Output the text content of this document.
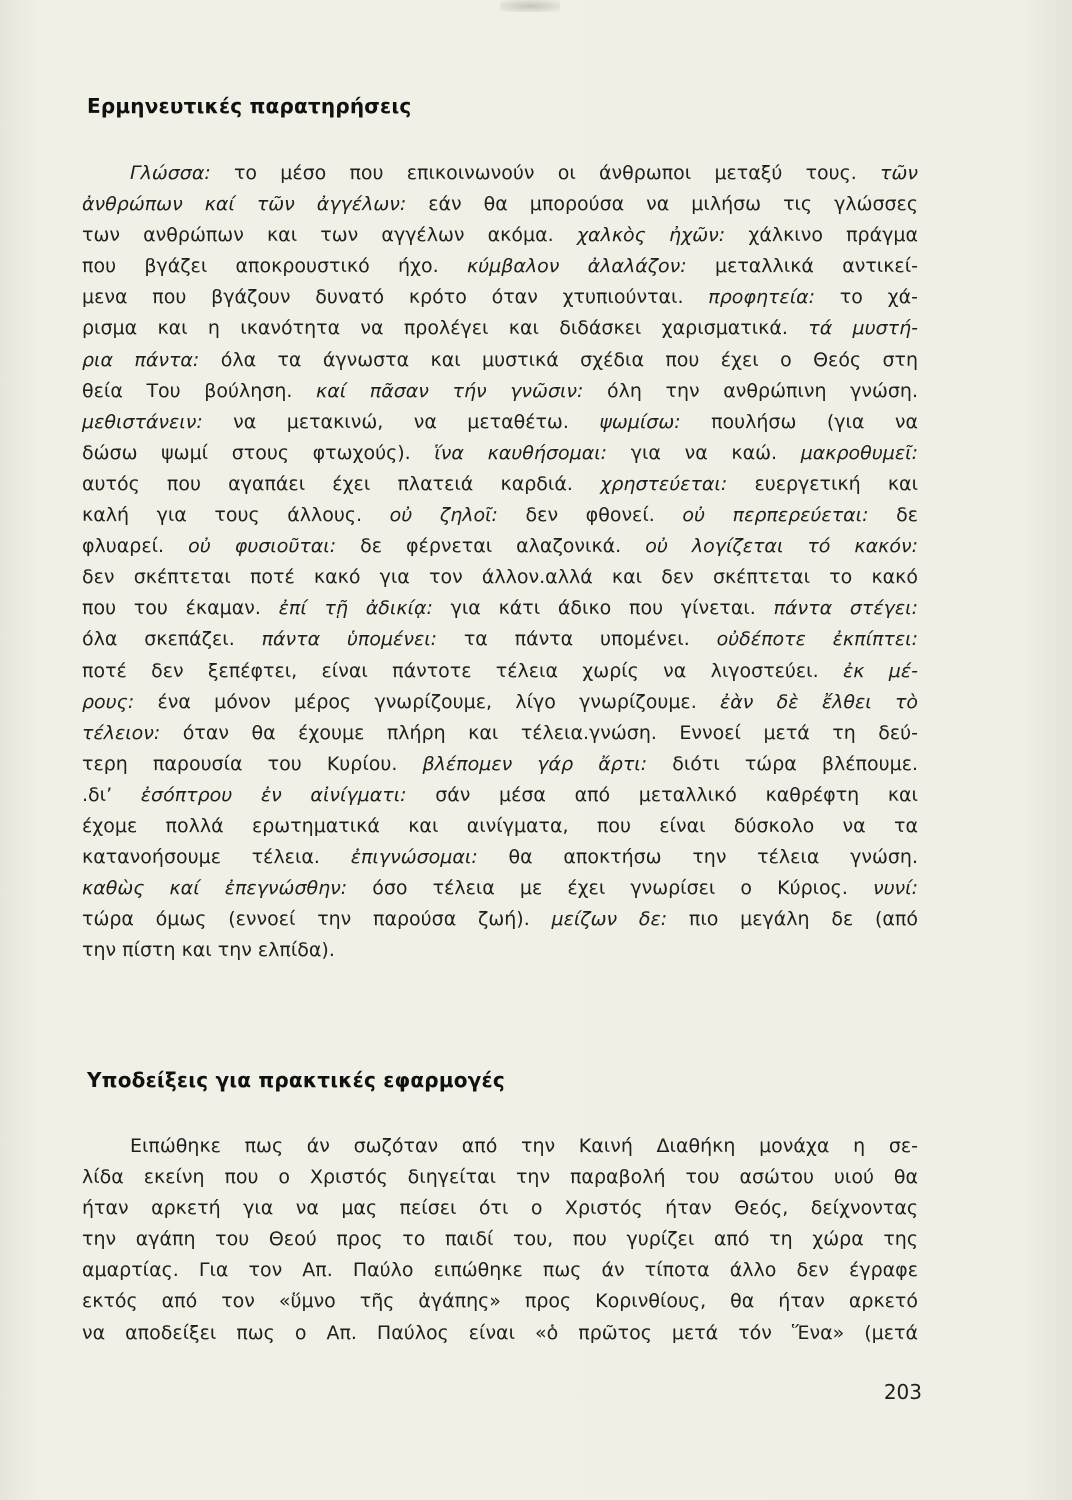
Ερμηνευτικές παρατηρήσεις
Γλώσσα: το μέσο που επικοινωνούν οι άνθρωποι μεταξύ τους. τῶν
ἀνθρώπων καί τῶν ἀγγέλων: εάν θα μπορούσα να μιλήσω τις γλώσσες
των ανθρώπων και των αγγέλων ακόμα. χαλκὸς ἠχῶν: χάλκινο πράγμα
που βγάζει αποκρουστικό ήχο. κύμβαλον ἀλαλάζον: μεταλλικά αντικεί-
μενα που βγάζουν δυνατό κρότο όταν χτυπιούνται. προφητεία: το χά-
ρισμα και η ικανότητα να προλέγει και διδάσκει χαρισματικά. τά μυστή-
ρια πάντα: όλα τα άγνωστα και μυστικά σχέδια που έχει ο Θεός στη
θεία Του βούληση. καί πᾶσαν τήν γνῶσιν: όλη την ανθρώπινη γνώση.
μεθιστάνειν: να μετακινώ, να μεταθέτω. ψωμίσω: πουλήσω (για να
δώσω ψωμί στους φτωχούς). ἵνα καυθήσομαι: για να καώ. μακροθυμεῖ:
αυτός που αγαπάει έχει πλατειά καρδιά. χρηστεύεται: ευεργετική και
καλή για τους άλλους. οὐ ζηλοῖ: δεν φθονεί. οὐ περπερεύεται: δε
φλυαρεί. οὐ φυσιοῦται: δε φέρνεται αλαζονικά. οὐ λογίζεται τό κακόν:
δεν σκέπτεται ποτέ κακό για τον άλλον.αλλά και δεν σκέπτεται το κακό
που του έκαμαν. ἐπί τῇ ἀδικίᾳ: για κάτι άδικο που γίνεται. πάντα στέγει:
όλα σκεπάζει. πάντα ὑπομένει: τα πάντα υπομένει. οὐδέποτε ἐκπίπτει:
ποτέ δεν ξεπέφτει, είναι πάντοτε τέλεια χωρίς να λιγοστεύει. ἐκ μέ-
ρους: ένα μόνον μέρος γνωρίζουμε, λίγο γνωρίζουμε. ἐὰν δὲ ἔλθει τὸ
τέλειον: όταν θα έχουμε πλήρη και τέλεια.γνώση. Εννοεί μετά τη δεύ-
τερη παρουσία του Κυρίου. βλέπομεν γάρ ἄρτι: διότι τώρα βλέπουμε.
.δι’ ἐσόπτρου ἐν αἰνίγματι: σάν μέσα από μεταλλικό καθρέφτη και
έχομε πολλά ερωτηματικά και αινίγματα, που είναι δύσκολο να τα
κατανοήσουμε τέλεια. ἐπιγνώσομαι: θα αποκτήσω την τέλεια γνώση.
καθὼς καί ἐπεγνώσθην: όσο τέλεια με έχει γνωρίσει ο Κύριος. νυνί:
τώρα όμως (εννοεί την παρούσα ζωή). μείζων δε: πιο μεγάλη δε (από
την πίστη και την ελπίδα).
Υποδείξεις για πρακτικές εφαρμογές
Ειπώθηκε πως άν σωζόταν από την Καινή Διαθήκη μονάχα η σε-
λίδα εκείνη που ο Χριστός διηγείται την παραβολή του ασώτου υιού θα
ήταν αρκετή για να μας πείσει ότι ο Χριστός ήταν Θεός, δείχνοντας
την αγάπη του Θεού προς το παιδί του, που γυρίζει από τη χώρα της
αμαρτίας. Για τον Απ. Παύλο ειπώθηκε πως άν τίποτα άλλο δεν έγραφε
εκτός από τον «ὕμνο τῆς ἀγάπης» προς Κορινθίους, θα ήταν αρκετό
να αποδείξει πως ο Απ. Παύλος είναι «ὁ πρῶτος μετά τόν Ἕνα» (μετά
203
